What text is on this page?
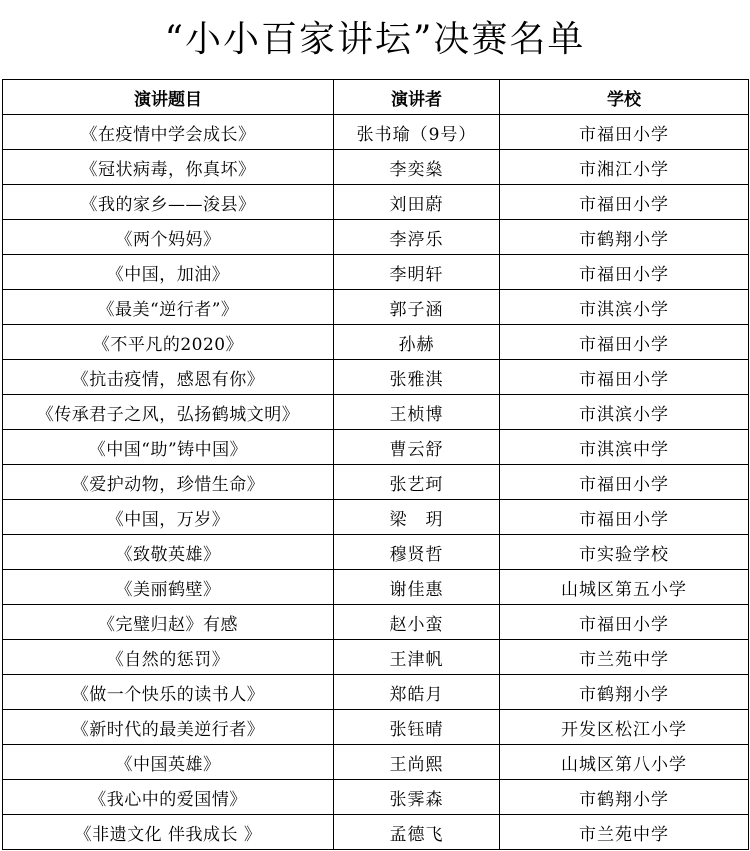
“小小百家讲坛”决赛名单
演讲题目	演讲者	学校
《在疫情中学会成长》	张书瑜（9号）	市福田小学
《冠状病毒，你真坏》	李奕燊	市湘江小学
《我的家乡——浚县》	刘田蔚	市福田小学
《两个妈妈》	李渟乐	市鹤翔小学
《中国，加油》	李明轩	市福田小学
《最美“逆行者”》	郭子涵	市淇滨小学
《不平凡的2020》	孙赫	市福田小学
《抗击疫情，感恩有你》	张雅淇	市福田小学
《传承君子之风，弘扬鹤城文明》	王桢博	市淇滨小学
《中国“助”铸中国》	曹云舒	市淇滨中学
《爱护动物，珍惜生命》	张艺珂	市福田小学
《中国，万岁》	梁　玥	市福田小学
《致敬英雄》	穆贤哲	市实验学校
《美丽鹤壁》	谢佳惠	山城区第五小学
《完璧归赵》有感	赵小蛮	市福田小学
《自然的惩罚》	王津帆	市兰苑中学
《做一个快乐的读书人》	郑皓月	市鹤翔小学
《新时代的最美逆行者》	张钰晴	开发区松江小学
《中国英雄》	王尚熙	山城区第八小学
《我心中的爱国情》	张霁森	市鹤翔小学
《非遗文化 伴我成长 》	孟德飞	市兰苑中学
